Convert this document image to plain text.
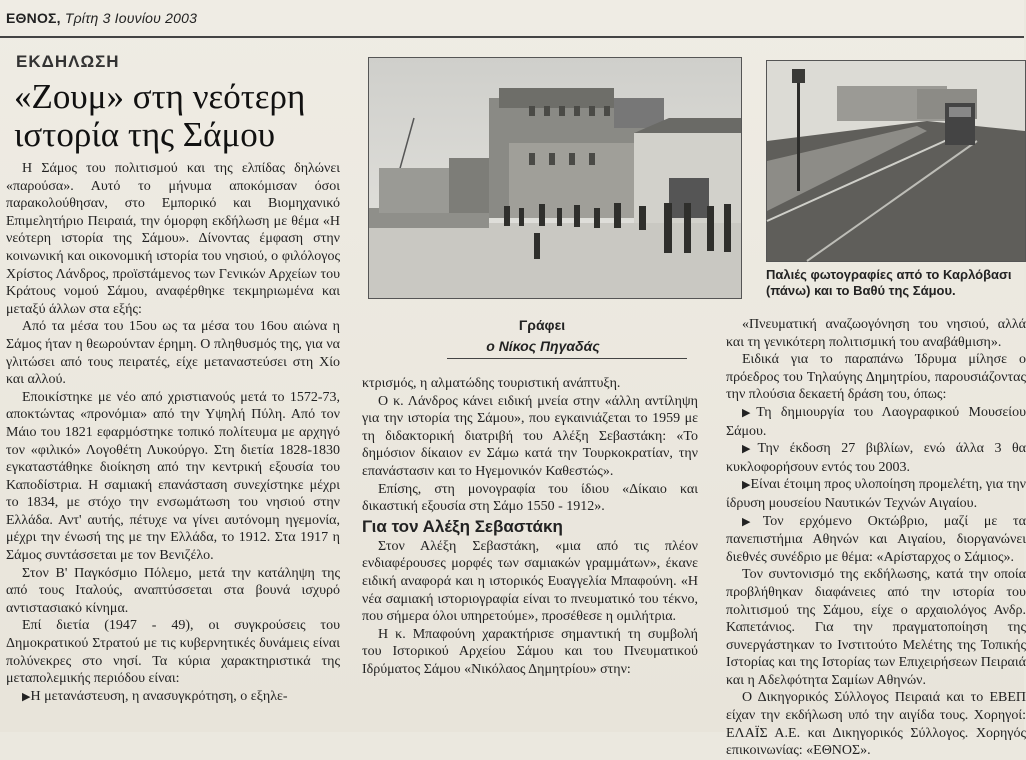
ΕΘΝΟΣ, Τρίτη 3 Ιουνίου 2003
ΕΚΔΗΛΩΣΗ
«Ζουμ» στη νεότερη ιστορία της Σάμου
Παλιές φωτογραφίες από το Καρλόβασι (πάνω) και το Βαθύ της Σάμου.
Γράφει
ο Νίκος Πηγαδάς

Η Σάμος του πολιτισμού και της ελπίδας δηλώνει «παρούσα». Αυτό το μήνυμα αποκόμισαν όσοι παρακολούθησαν, στο Εμπορικό και Βιομηχανικό Επιμελητήριο Πειραιά, την όμορφη εκδήλωση με θέμα «Η νεότερη ιστορία της Σάμου». Δίνοντας έμφαση στην κοινωνική και οικονομική ιστορία του νησιού, ο φιλόλογος Χρίστος Λάνδρος, προϊστάμενος των Γενικών Αρχείων του Κράτους νομού Σάμου, αναφέρθηκε τεκμηριωμένα και μεταξύ άλλων στα εξής:

Από τα μέσα του 15ου ως τα μέσα του 16ου αιώνα η Σάμος ήταν η θεωρούνταν έρημη. Ο πληθυσμός της, για να γλιτώσει από τους πειρατές, είχε μεταναστεύσει στη Χίο και αλλού.

Εποικίστηκε με νέο από χριστιανούς μετά το 1572-73, αποκτώντας «προνόμια» από την Υψηλή Πύλη. Από τον Μάιο του 1821 εφαρμόστηκε τοπικό πολίτευμα με αρχηγό τον «φιλικό» Λογοθέτη Λυκούργο. Στη διετία 1828-1830 εγκαταστάθηκε διοίκηση από την κεντρική εξουσία του Καποδίστρια. Η σαμιακή επανάσταση συνεχίστηκε μέχρι το 1834, με στόχο την ενσωμάτωση του νησιού στην Ελλάδα. Αντ' αυτής, πέτυχε να γίνει αυτόνομη ηγεμονία, μέχρι την ένωσή της με την Ελλάδα, το 1912. Στα 1917 η Σάμος συντάσσεται με τον Βενιζέλο.

Στον Β' Παγκόσμιο Πόλεμο, μετά την κατάληψη της από τους Ιταλούς, αναπτύσσεται στα βουνά ισχυρό αντιστασιακό κίνημα.

Επί διετία (1947 - 49), οι συγκρούσεις του Δημοκρατικού Στρατού με τις κυβερνητικές δυνάμεις είναι πολύνεκρες στο νησί. Τα κύρια χαρακτηριστικά της μεταπολεμικής περιόδου είναι:

▶ Η μετανάστευση, η ανασυγκρότηση, ο εξηλε-

κτρισμός, η αλματώδης τουριστική ανάπτυξη.

Ο κ. Λάνδρος κάνει ειδική μνεία στην «άλλη αντίληψη για την ιστορία της Σάμου», που εγκαινιάζεται το 1959 με τη διδακτορική διατριβή του Αλέξη Σεβαστάκη: «Το δημόσιον δίκαιον εν Σάμω κατά την Τουρκοκρατίαν, την επανάστασιν και το Ηγεμονικόν Καθεστώς».

Επίσης, στη μονογραφία του ίδιου «Δίκαιο και δικαστική εξουσία στη Σάμο 1550 - 1912».

Για τον Αλέξη Σεβαστάκη

Στον Αλέξη Σεβαστάκη, «μια από τις πλέον ενδιαφέρουσες μορφές των σαμιακών γραμμάτων», έκανε ειδική αναφορά και η ιστορικός Ευαγγελία Μπαφούνη. «Η νέα σαμιακή ιστοριογραφία είναι το πνευματικό του τέκνο, που σήμερα όλοι υπηρετούμε», προσέθεσε η ομιλήτρια.

Η κ. Μπαφούνη χαρακτήρισε σημαντική τη συμβολή του Ιστορικού Αρχείου Σάμου και του Πνευματικού Ιδρύματος Σάμου «Νικόλαος Δημητρίου» στην:

«Πνευματική αναζωογόνηση του νησιού, αλλά και τη γενικότερη πολιτισμική του αναβάθμιση».

Ειδικά για το παραπάνω Ίδρυμα μίλησε ο πρόεδρος του Τηλαύγης Δημητρίου, παρουσιάζοντας την πλούσια δεκαετή δράση του, όπως:

▶ Τη δημιουργία του Λαογραφικού Μουσείου Σάμου.

▶ Την έκδοση 27 βιβλίων, ενώ άλλα 3 θα κυκλοφορήσουν εντός του 2003.

▶ Είναι έτοιμη προς υλοποίηση προμελέτη, για την ίδρυση μουσείου Ναυτικών Τεχνών Αιγαίου.

▶ Τον ερχόμενο Οκτώβριο, μαζί με τα πανεπιστήμια Αθηνών και Αιγαίου, διοργανώνει διεθνές συνέδριο με θέμα: «Αρίσταρχος ο Σάμιος».

Τον συντονισμό της εκδήλωσης, κατά την οποία προβλήθηκαν διαφάνειες από την ιστορία του πολιτισμού της Σάμου, είχε ο αρχαιολόγος Ανδρ. Καπετάνιος. Για την πραγματοποίηση της συνεργάστηκαν το Ινστιτούτο Μελέτης της Τοπικής Ιστορίας και της Ιστορίας των Επιχειρήσεων Πειραιά και η Αδελφότητα Σαμίων Αθηνών.

Ο Δικηγορικός Σύλλογος Πειραιά και το ΕΒΕΠ είχαν την εκδήλωση υπό την αιγίδα τους. Χορηγοί: ΕΛΑΪΣ Α.Ε. και Δικηγορικός Σύλλογος. Χορηγός επικοινωνίας: «ΕΘΝΟΣ».
